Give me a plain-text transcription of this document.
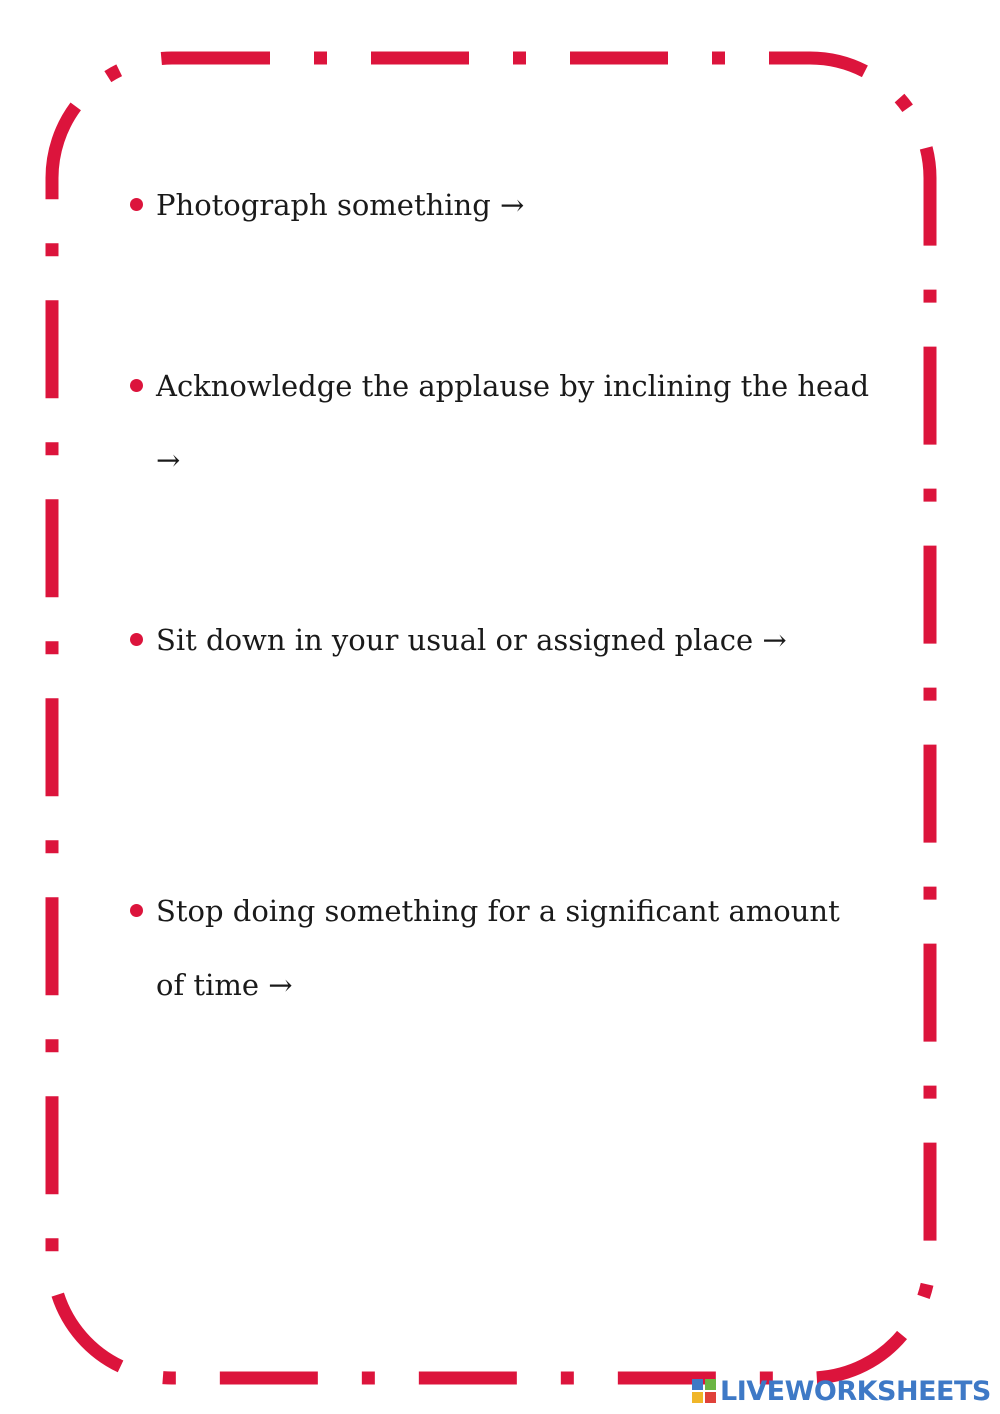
Photograph something →
Acknowledge the applause by inclining the head →
Sit down in your usual or assigned place →
Stop doing something for a significant amount of time →
LIVEWORKSHEETS
